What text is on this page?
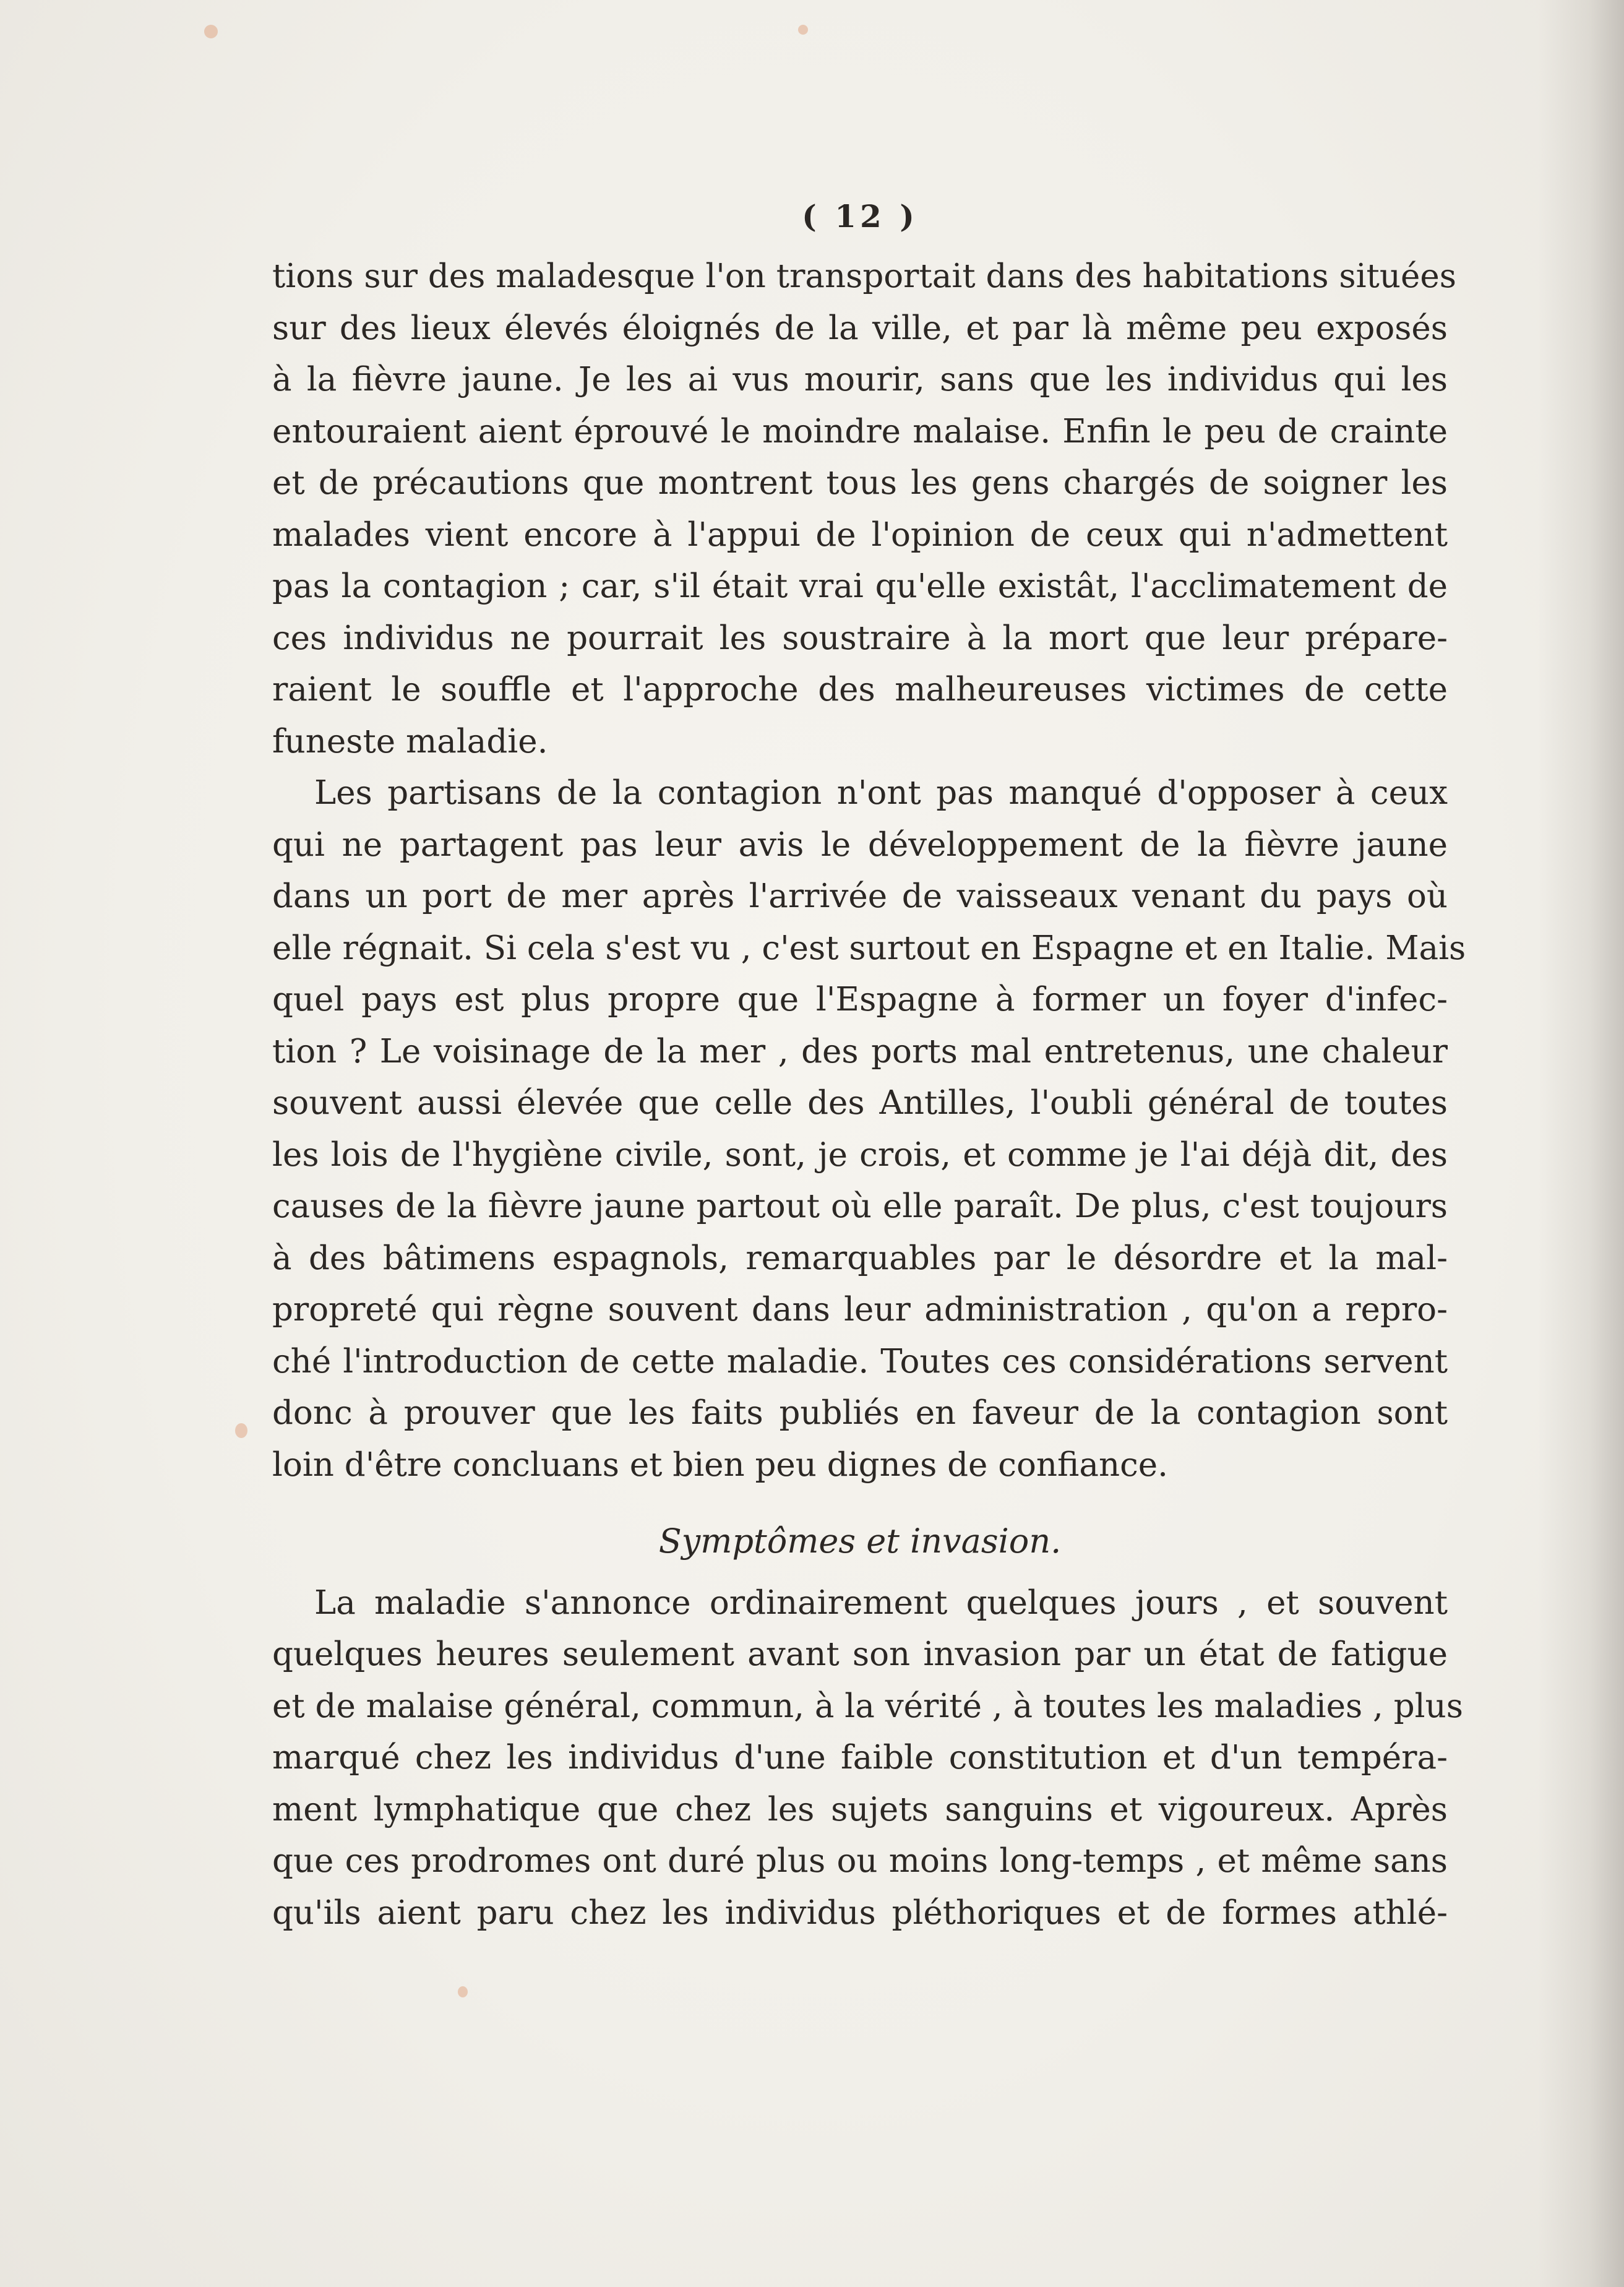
( 12 )
tions sur des maladesque l'on transportait dans des habitations situées
sur des lieux élevés éloignés de la ville, et par là même peu exposés
à la fièvre jaune. Je les ai vus mourir, sans que les individus qui les
entouraient aient éprouvé le moindre malaise. Enfin le peu de crainte
et de précautions que montrent tous les gens chargés de soigner les
malades vient encore à l'appui de l'opinion de ceux qui n'admettent
pas la contagion ; car, s'il était vrai qu'elle existât, l'acclimatement de
ces individus ne pourrait les soustraire à la mort que leur prépare-
raient le souffle et l'approche des malheureuses victimes de cette
funeste maladie.
Les partisans de la contagion n'ont pas manqué d'opposer à ceux
qui ne partagent pas leur avis le développement de la fièvre jaune
dans un port de mer après l'arrivée de vaisseaux venant du pays où
elle régnait. Si cela s'est vu , c'est surtout en Espagne et en Italie. Mais
quel pays est plus propre que l'Espagne à former un foyer d'infec-
tion ? Le voisinage de la mer , des ports mal entretenus, une chaleur
souvent aussi élevée que celle des Antilles, l'oubli général de toutes
les lois de l'hygiène civile, sont, je crois, et comme je l'ai déjà dit, des
causes de la fièvre jaune partout où elle paraît. De plus, c'est toujours
à des bâtimens espagnols, remarquables par le désordre et la mal-
propreté qui règne souvent dans leur administration , qu'on a repro-
ché l'introduction de cette maladie. Toutes ces considérations servent
donc à prouver que les faits publiés en faveur de la contagion sont
loin d'être concluans et bien peu dignes de confiance.
Symptômes et invasion.
La maladie s'annonce ordinairement quelques jours , et souvent
quelques heures seulement avant son invasion par un état de fatigue
et de malaise général, commun, à la vérité , à toutes les maladies , plus
marqué chez les individus d'une faible constitution et d'un tempéra-
ment lymphatique que chez les sujets sanguins et vigoureux. Après
que ces prodromes ont duré plus ou moins long-temps , et même sans
qu'ils aient paru chez les individus pléthoriques et de formes athlé-
